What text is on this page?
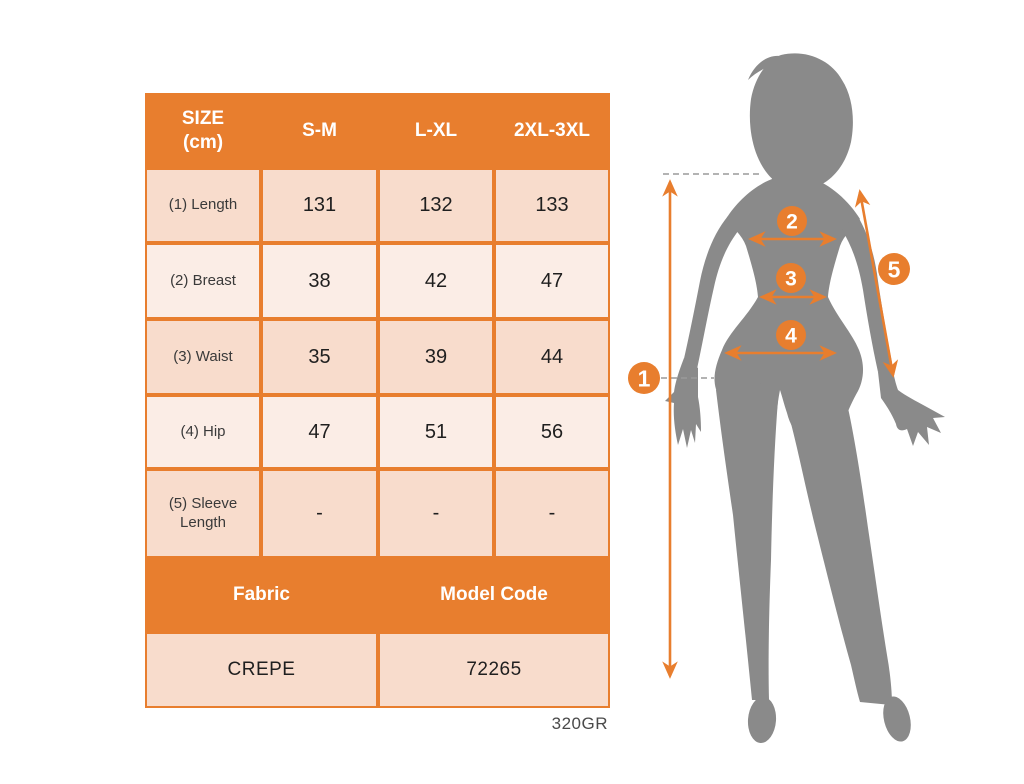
SIZE
(cm)
S-M	L-XL	2XL-3XL
(1) Length	131	132	133
(2) Breast	38	42	47
(3) Waist	35	39	44
(4) Hip	47	51	56
(5) Sleeve Length	-	-	-
Fabric	Model Code
CREPE	72265
320GR
1
2
3
4
5
